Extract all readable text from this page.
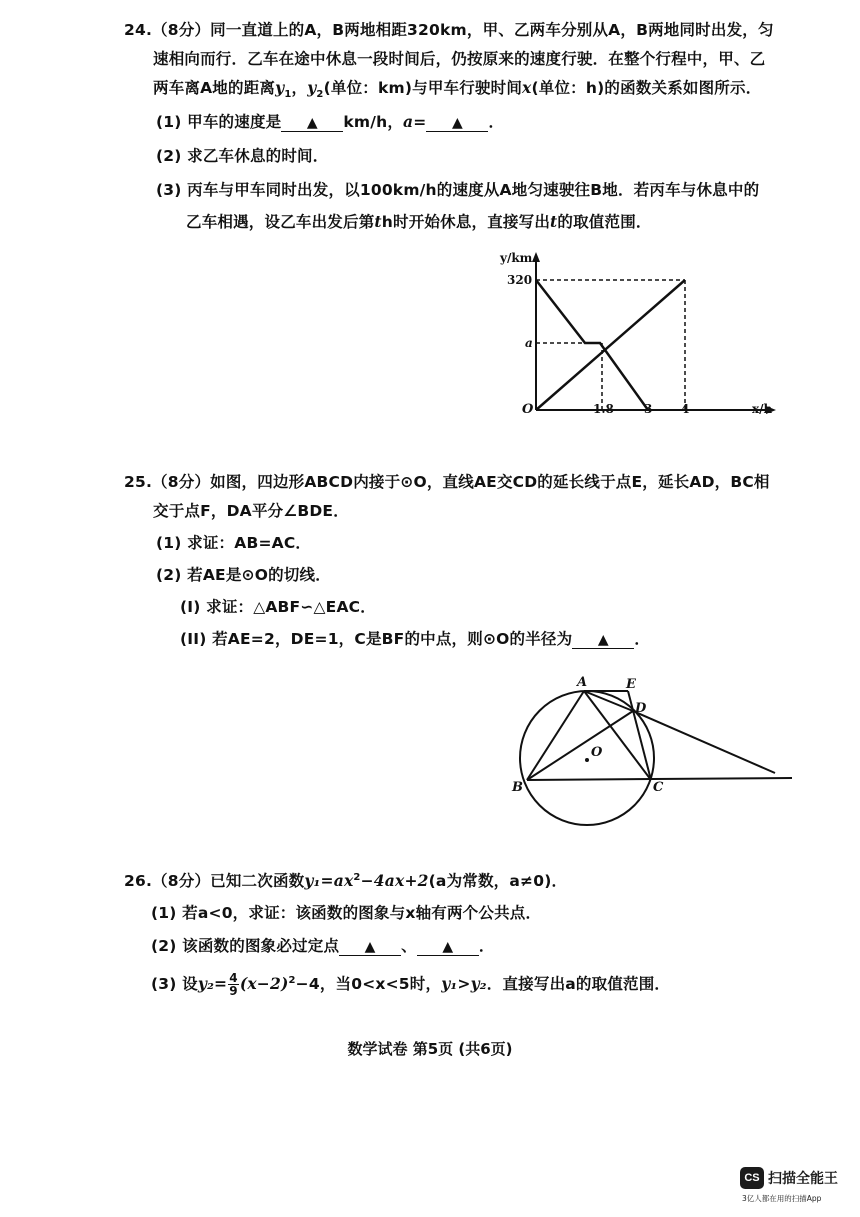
24.（8分）同一直道上的A，B两地相距320km，甲、乙两车分别从A，B两地同时出发，匀
速相向而行．乙车在途中休息一段时间后，仍按原来的速度行驶．在整个行程中，甲、乙
两车离A地的距离$y_1$，$y_2$(单位：km)与甲车行驶时间x(单位：h)的函数关系如图所示．
(1) 甲车的速度是 ▲ km/h，a= ▲ ．
(2) 求乙车休息的时间．
(3) 丙车与甲车同时出发，以100km/h的速度从A地匀速驶往B地．若丙车与休息中的
乙车相遇，设乙车出发后第th时开始休息，直接写出t的取值范围．
y/km
320
a
O	1.8	3 4	x/h
25.（8分）如图，四边形ABCD内接于⊙O，直线AE交CD的延长线于点E，延长AD，BC相
交于点F，DA平分∠BDE．
(1) 求证：AB=AC．
(2) 若AE是⊙O的切线．
(I) 求证：△ABF∽△EAC．
(II) 若AE=2，DE=1，C是BF的中点，则⊙O的半径为 ▲ ．
A	E
D
O
B	C
26.（8分）已知二次函数$y_1=ax^2-4ax+2(a$为常数，a≠0)．
(1) 若a<0，求证：该函数的图象与x轴有两个公共点．
(2) 该函数的图象必过定点 ▲ 、 ▲ ．
(3) 设$y_2= \frac{4}{9} (x-2)^2-4$，当0<x<5时，y₁>y₂．直接写出a的取值范围．
数学试卷 第5页 (共6页)
CS 扫描全能王
3亿人都在用的扫描App
